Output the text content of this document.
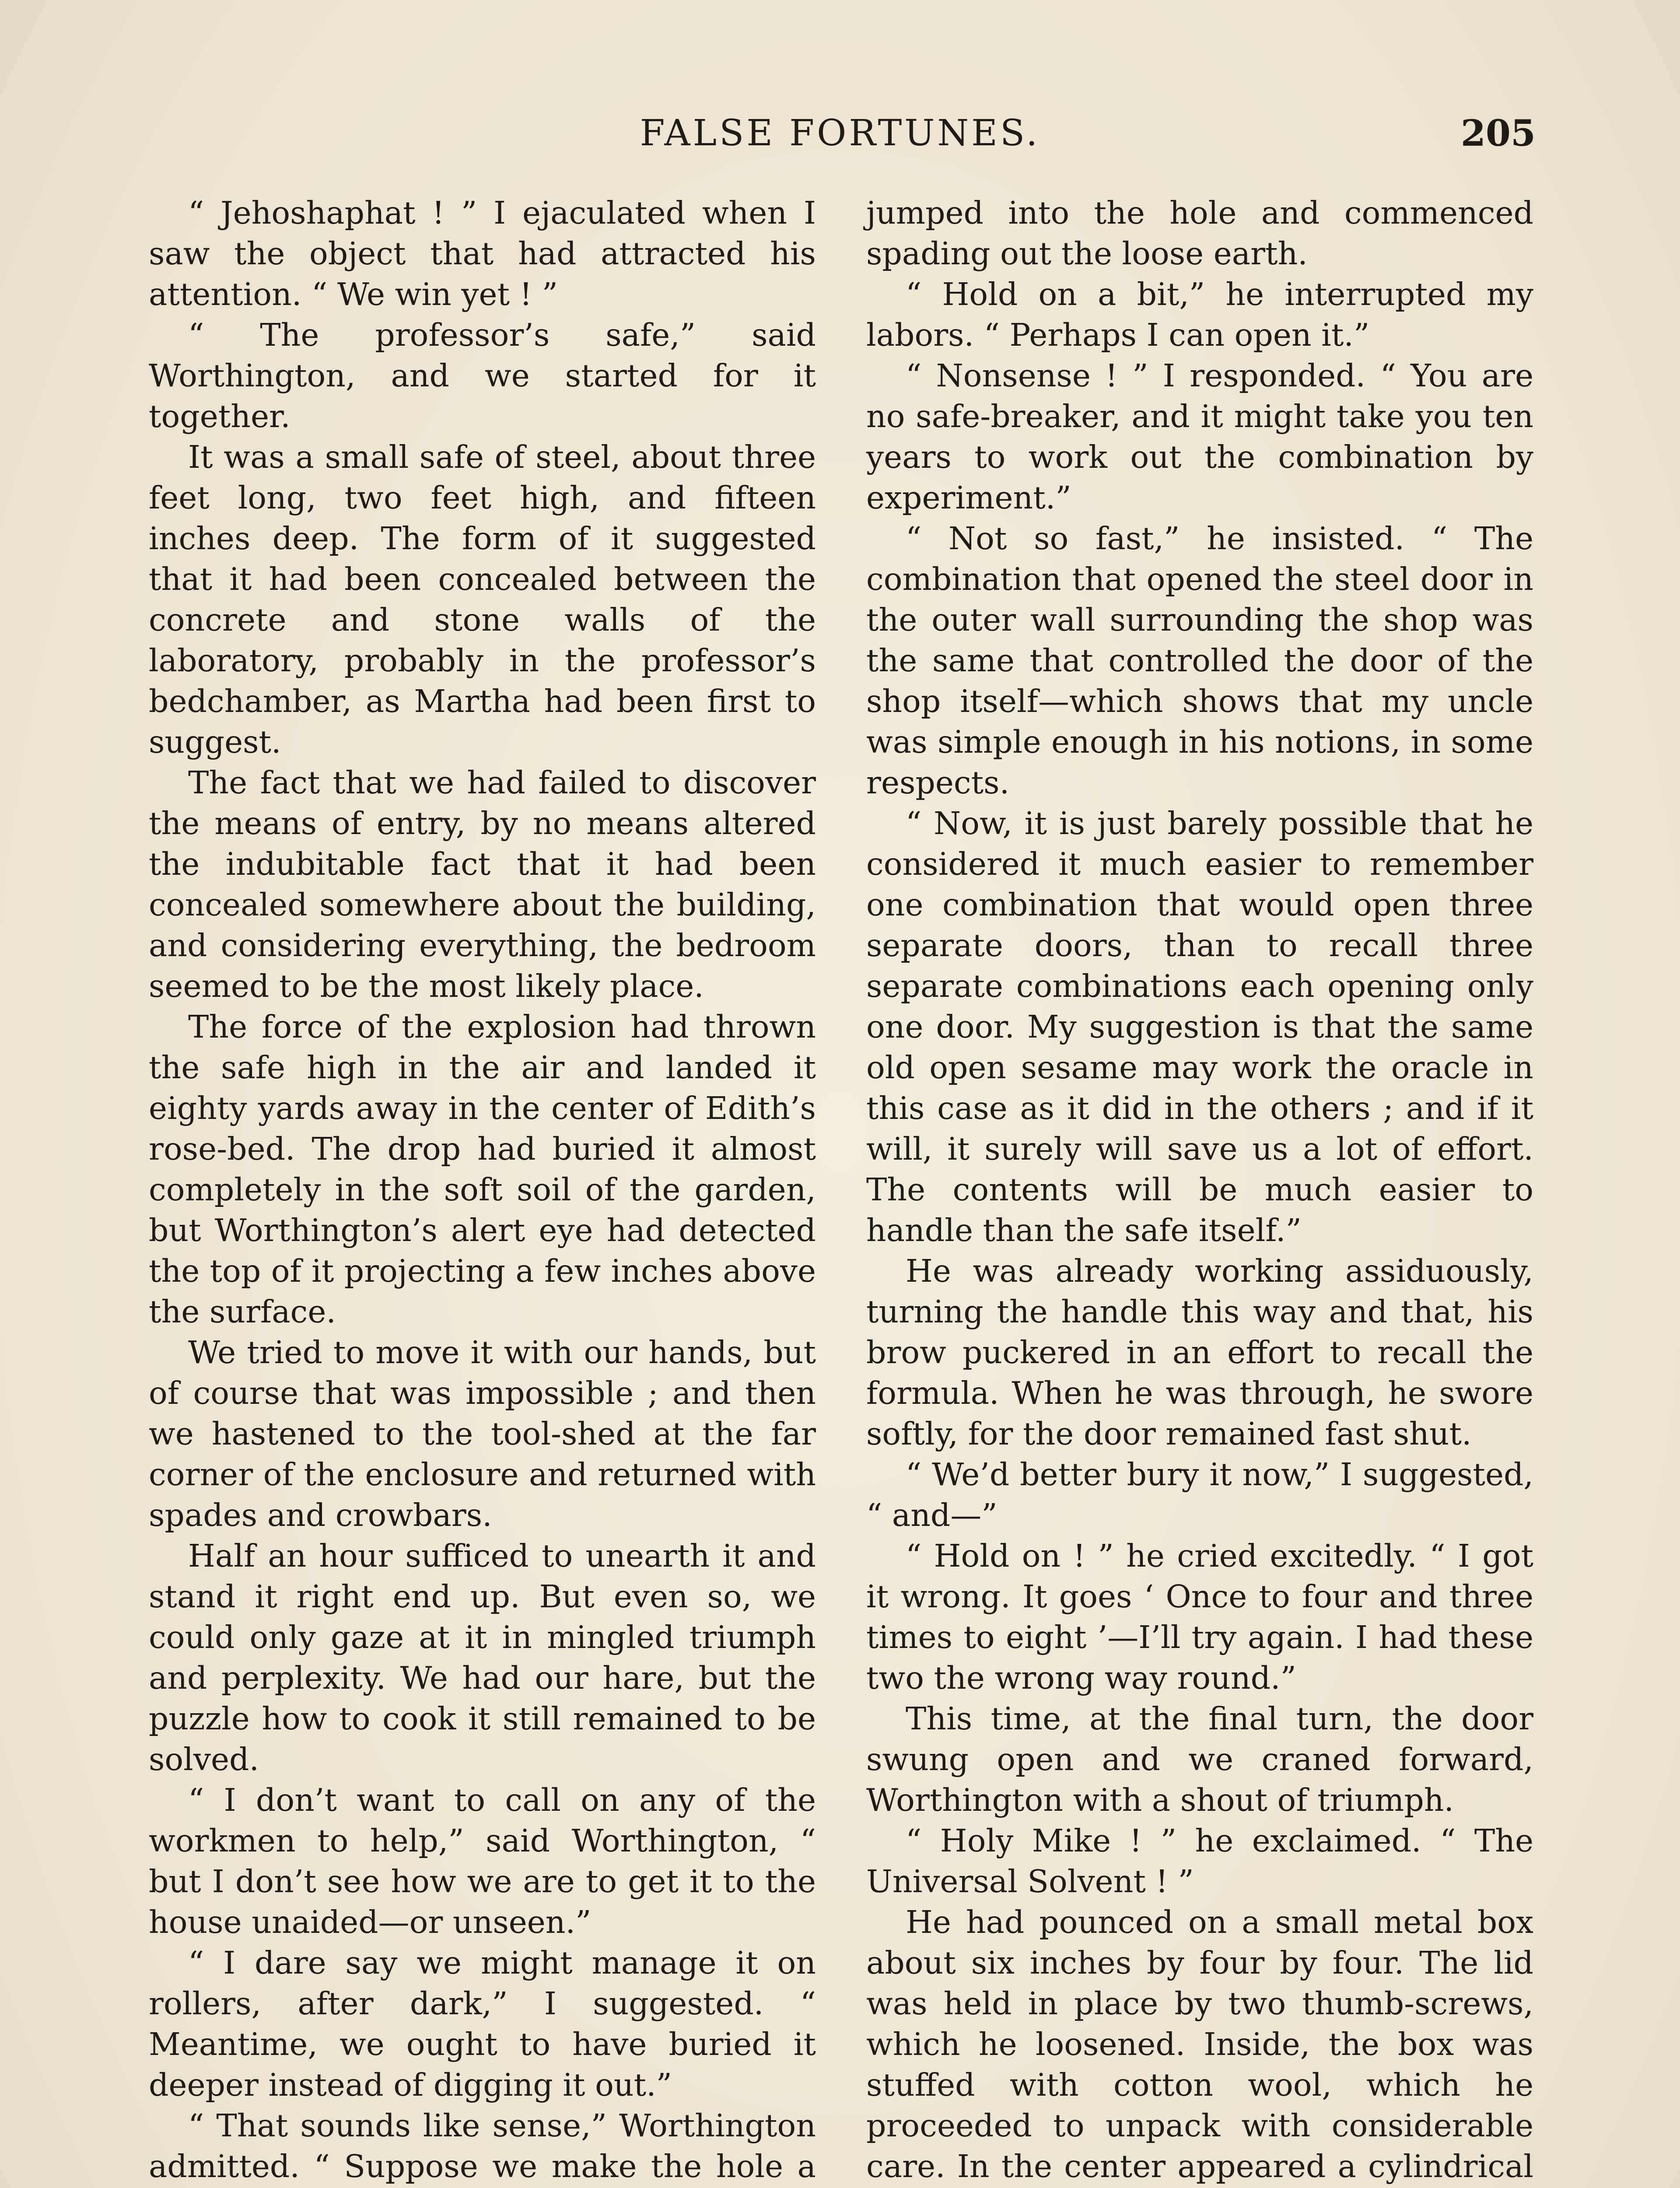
FALSE FORTUNES.	205

“ Jehoshaphat ! ” I ejaculated when I saw the object that had attracted his attention. “ We win yet ! ”

“ The professor’s safe,” said Worthington, and we started for it together.

It was a small safe of steel, about three feet long, two feet high, and fifteen inches deep. The form of it suggested that it had been concealed between the concrete and stone walls of the laboratory, probably in the professor’s bedchamber, as Martha had been first to suggest.

The fact that we had failed to discover the means of entry, by no means altered the indubitable fact that it had been concealed somewhere about the building, and considering everything, the bedroom seemed to be the most likely place.

The force of the explosion had thrown the safe high in the air and landed it eighty yards away in the center of Edith’s rose-bed. The drop had buried it almost completely in the soft soil of the garden, but Worthington’s alert eye had detected the top of it projecting a few inches above the surface.

We tried to move it with our hands, but of course that was impossible ; and then we hastened to the tool-shed at the far corner of the enclosure and returned with spades and crowbars.

Half an hour sufficed to unearth it and stand it right end up. But even so, we could only gaze at it in mingled triumph and perplexity. We had our hare, but the puzzle how to cook it still remained to be solved.

“ I don’t want to call on any of the workmen to help,” said Worthington, “ but I don’t see how we are to get it to the house unaided—or unseen.”

“ I dare say we might manage it on rollers, after dark,” I suggested. “ Meantime, we ought to have buried it deeper instead of digging it out.”

“ That sounds like sense,” Worthington admitted. “ Suppose we make the hole a

jumped into the hole and commenced spading out the loose earth.

“ Hold on a bit,” he interrupted my labors. “ Perhaps I can open it.”

“ Nonsense ! ” I responded. “ You are no safe-breaker, and it might take you ten years to work out the combination by experiment.”

“ Not so fast,” he insisted. “ The combination that opened the steel door in the outer wall surrounding the shop was the same that controlled the door of the shop itself—which shows that my uncle was simple enough in his notions, in some respects.

“ Now, it is just barely possible that he considered it much easier to remember one combination that would open three separate doors, than to recall three separate combinations each opening only one door. My suggestion is that the same old open sesame may work the oracle in this case as it did in the others ; and if it will, it surely will save us a lot of effort. The contents will be much easier to handle than the safe itself.”

He was already working assiduously, turning the handle this way and that, his brow puckered in an effort to recall the formula. When he was through, he swore softly, for the door remained fast shut.

“ We’d better bury it now,” I suggested, “ and—”

“ Hold on ! ” he cried excitedly. “ I got it wrong. It goes ‘ Once to four and three times to eight ’—I’ll try again. I had these two the wrong way round.”

This time, at the final turn, the door swung open and we craned forward, Worthington with a shout of triumph.

“ Holy Mike ! ” he exclaimed. “ The Universal Solvent ! ”

He had pounced on a small metal box about six inches by four by four. The lid was held in place by two thumb-screws, which he loosened. Inside, the box was stuffed with cotton wool, which he proceeded to unpack with considerable care. In the center appeared a cylindrical
